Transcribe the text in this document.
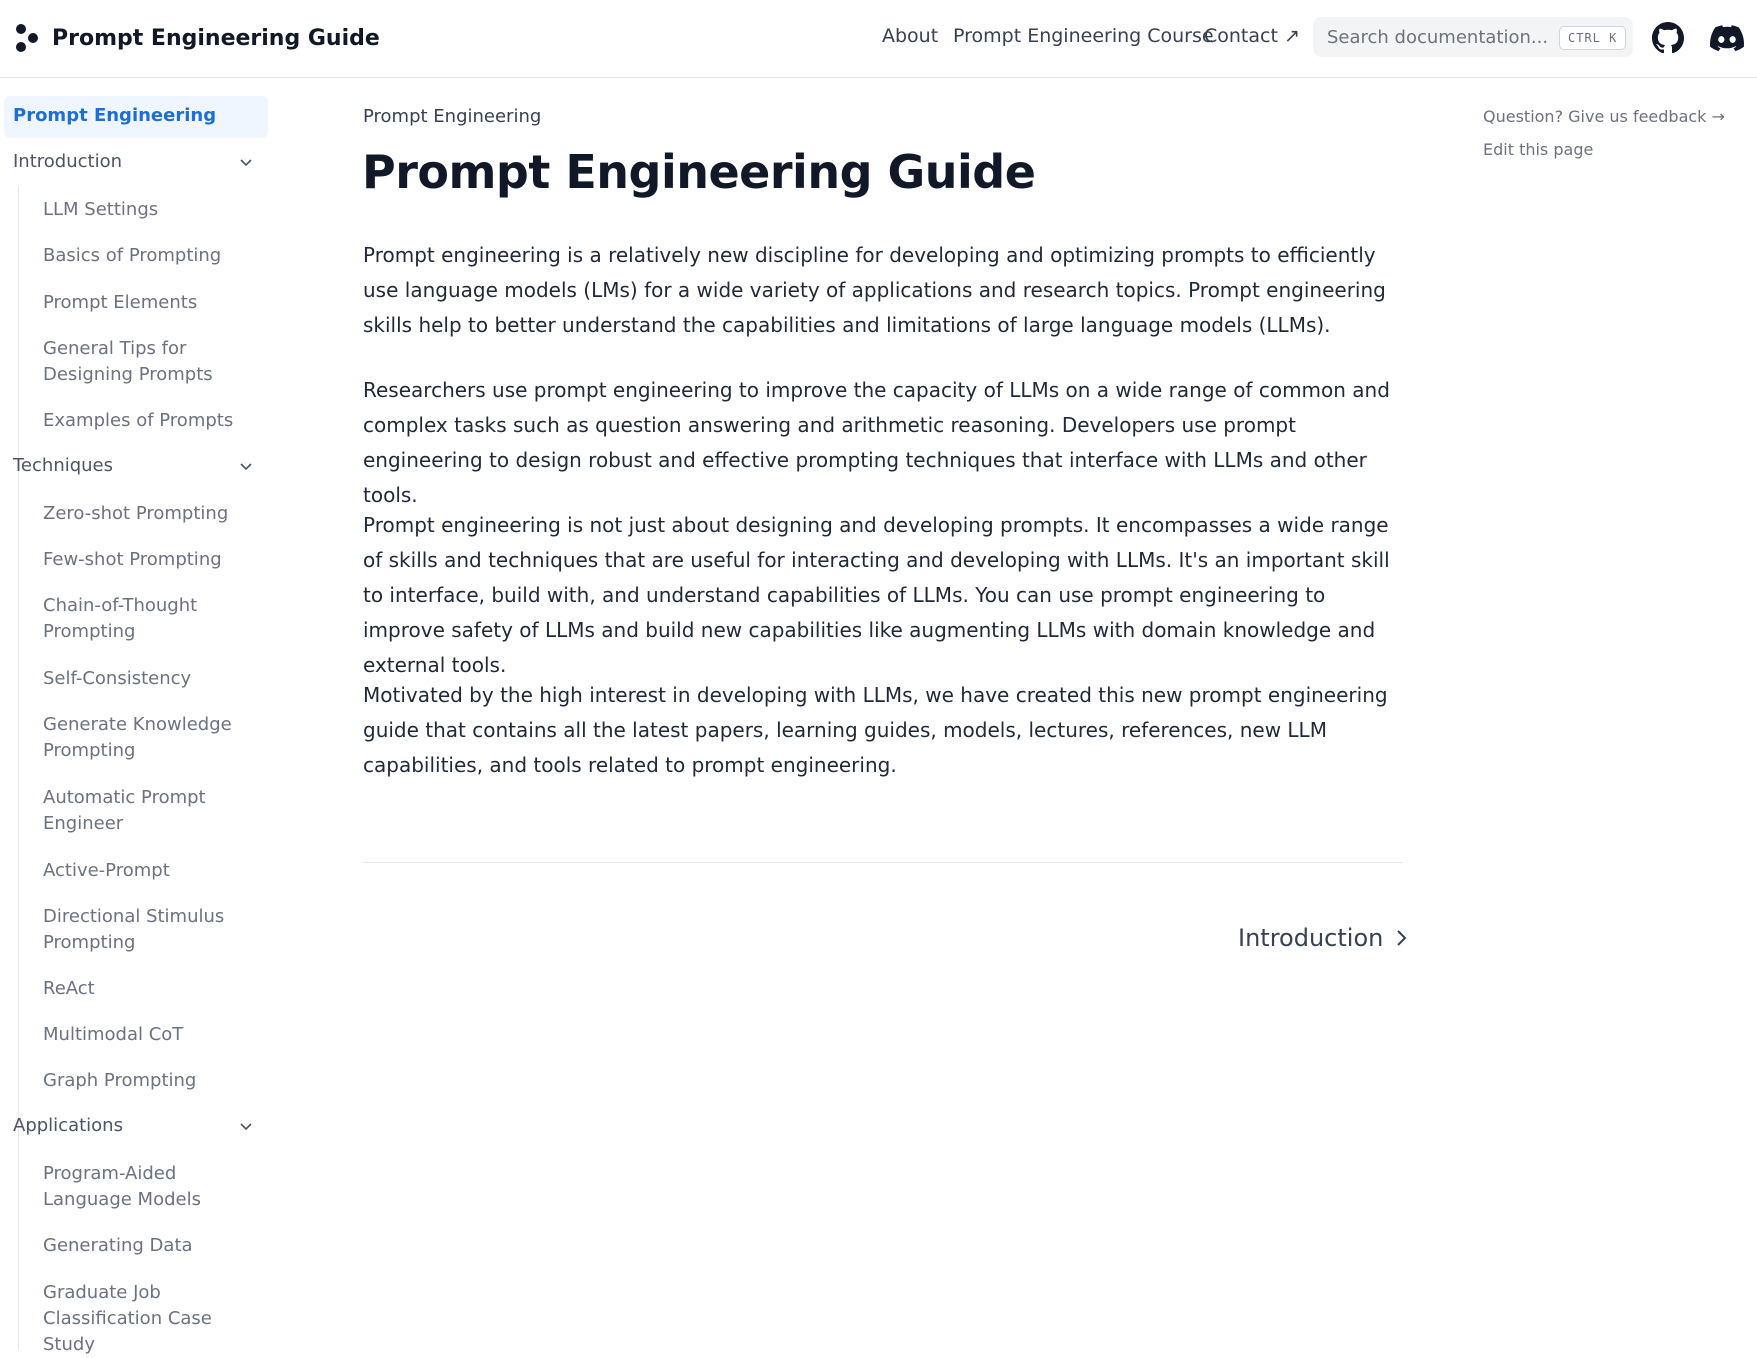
Prompt Engineering Guide	About Prompt Engineering Course
Contact ↗
Search documentation...	CTRL K
Prompt Engineering
Introduction
LLM Settings
Basics of Prompting
Prompt Elements
General Tips for Designing Prompts
Examples of Prompts
Techniques
Zero-shot Prompting
Few-shot Prompting
Chain-of-Thought Prompting
Self-Consistency
Generate Knowledge Prompting
Automatic Prompt Engineer
Active-Prompt
Directional Stimulus Prompting
ReAct
Multimodal CoT
Graph Prompting
Applications
Program-Aided Language Models
Generating Data
Graduate Job Classification Case Study
Prompt Engineering
Prompt Engineering Guide

Prompt engineering is a relatively new discipline for developing and optimizing prompts to efficiently use language models (LMs) for a wide variety of applications and research topics. Prompt engineering skills help to better understand the capabilities and limitations of large language models (LLMs).

Researchers use prompt engineering to improve the capacity of LLMs on a wide range of common and complex tasks such as question answering and arithmetic reasoning. Developers use prompt engineering to design robust and effective prompting techniques that interface with LLMs and other tools.

Prompt engineering is not just about designing and developing prompts. It encompasses a wide range of skills and techniques that are useful for interacting and developing with LLMs. It's an important skill to interface, build with, and understand capabilities of LLMs. You can use prompt engineering to improve safety of LLMs and build new capabilities like augmenting LLMs with domain knowledge and external tools.

Motivated by the high interest in developing with LLMs, we have created this new prompt engineering guide that contains all the latest papers, learning guides, models, lectures, references, new LLM capabilities, and tools related to prompt engineering.

Introduction
Question? Give us feedback →
Edit this page
